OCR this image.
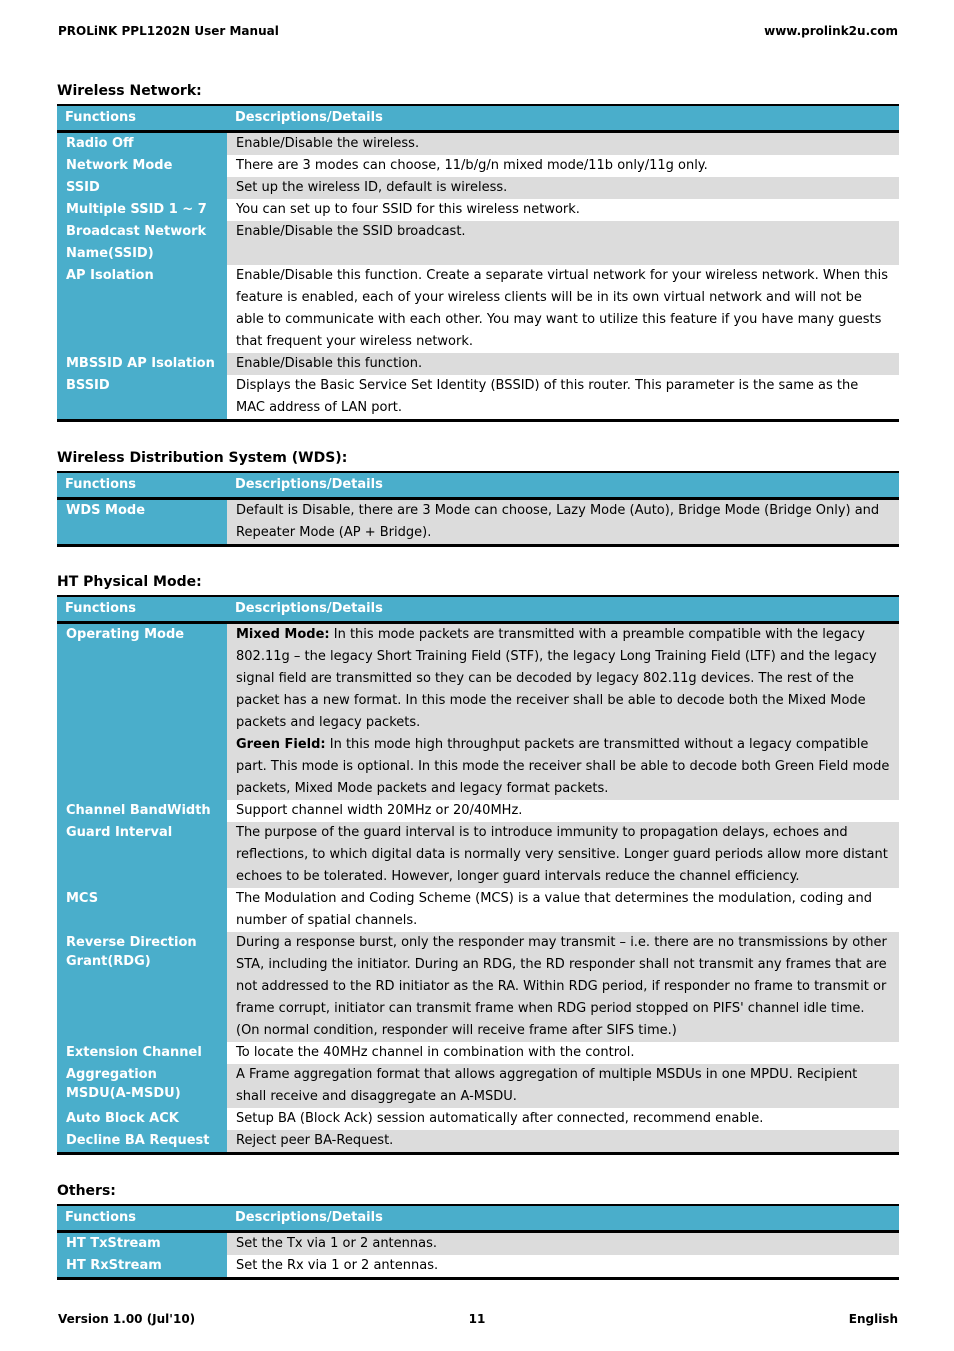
PROLiNK PPL1202N User Manual	www.prolink2u.com
Wireless Network:
Functions	Descriptions/Details
Radio Off	Enable/Disable the wireless.
Network Mode	There are 3 modes can choose, 11/b/g/n mixed mode/11b only/11g only.
SSID	Set up the wireless ID, default is wireless.
Multiple SSID 1 ~ 7	You can set up to four SSID for this wireless network.
Broadcast Network Name(SSID)	Enable/Disable the SSID broadcast.
AP Isolation	Enable/Disable this function. Create a separate virtual network for your wireless network. When this feature is enabled, each of your wireless clients will be in its own virtual network and will not be able to communicate with each other. You may want to utilize this feature if you have many guests that frequent your wireless network.
MBSSID AP Isolation	Enable/Disable this function.
BSSID	Displays the Basic Service Set Identity (BSSID) of this router. This parameter is the same as the MAC address of LAN port.
Wireless Distribution System (WDS):
Functions	Descriptions/Details
WDS Mode	Default is Disable, there are 3 Mode can choose, Lazy Mode (Auto), Bridge Mode (Bridge Only) and Repeater Mode (AP + Bridge).
HT Physical Mode:
Functions	Descriptions/Details
Operating Mode	Mixed Mode: In this mode packets are transmitted with a preamble compatible with the legacy 802.11g – the legacy Short Training Field (STF), the legacy Long Training Field (LTF) and the legacy signal field are transmitted so they can be decoded by legacy 802.11g devices. The rest of the packet has a new format. In this mode the receiver shall be able to decode both the Mixed Mode packets and legacy packets.
Green Field: In this mode high throughput packets are transmitted without a legacy compatible part. This mode is optional. In this mode the receiver shall be able to decode both Green Field mode packets, Mixed Mode packets and legacy format packets.
Channel BandWidth	Support channel width 20MHz or 20/40MHz.
Guard Interval	The purpose of the guard interval is to introduce immunity to propagation delays, echoes and reflections, to which digital data is normally very sensitive. Longer guard periods allow more distant echoes to be tolerated. However, longer guard intervals reduce the channel efficiency.
MCS	The Modulation and Coding Scheme (MCS) is a value that determines the modulation, coding and number of spatial channels.
Reverse Direction Grant(RDG)	During a response burst, only the responder may transmit – i.e. there are no transmissions by other STA, including the initiator. During an RDG, the RD responder shall not transmit any frames that are not addressed to the RD initiator as the RA. Within RDG period, if responder no frame to transmit or frame corrupt, initiator can transmit frame when RDG period stopped on PIFS' channel idle time. (On normal condition, responder will receive frame after SIFS time.)
Extension Channel	To locate the 40MHz channel in combination with the control.
Aggregation MSDU(A-MSDU)	A Frame aggregation format that allows aggregation of multiple MSDUs in one MPDU. Recipient shall receive and disaggregate an A-MSDU.
Auto Block ACK	Setup BA (Block Ack) session automatically after connected, recommend enable.
Decline BA Request	Reject peer BA-Request.
Others:
Functions	Descriptions/Details
HT TxStream	Set the Tx via 1 or 2 antennas.
HT RxStream	Set the Rx via 1 or 2 antennas.
Version 1.00 (Jul'10)	11	English
